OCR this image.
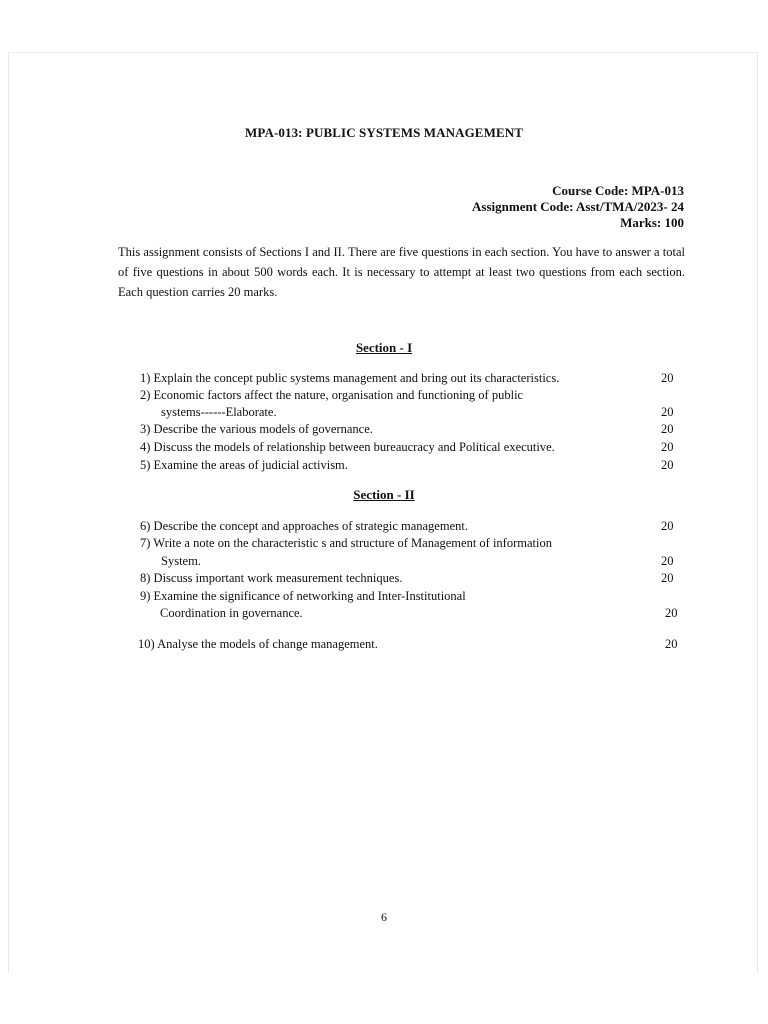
MPA-013: PUBLIC SYSTEMS MANAGEMENT
Course Code: MPA-013
Assignment Code: Asst/TMA/2023- 24
Marks: 100
This assignment consists of Sections I and II. There are five questions in each section. You have to answer a total of five questions in about 500 words each. It is necessary to attempt at least two questions from each section. Each question carries 20 marks.
Section - I
1) Explain the concept public systems management and bring out its characteristics.	20
2) Economic factors affect the nature, organisation and functioning of public
systems------Elaborate.	20
3) Describe the various models of governance.	20
4) Discuss the models of relationship between bureaucracy and Political executive.	20
5) Examine the areas of judicial activism.	20
Section - II
6) Describe the concept and approaches of strategic management.	20
7) Write a note on the characteristic s and structure of Management of information
System.	20
8) Discuss important work measurement techniques.	20
9) Examine the significance of networking and Inter-Institutional
Coordination in governance.	20
10) Analyse the models of change management.	20
6
